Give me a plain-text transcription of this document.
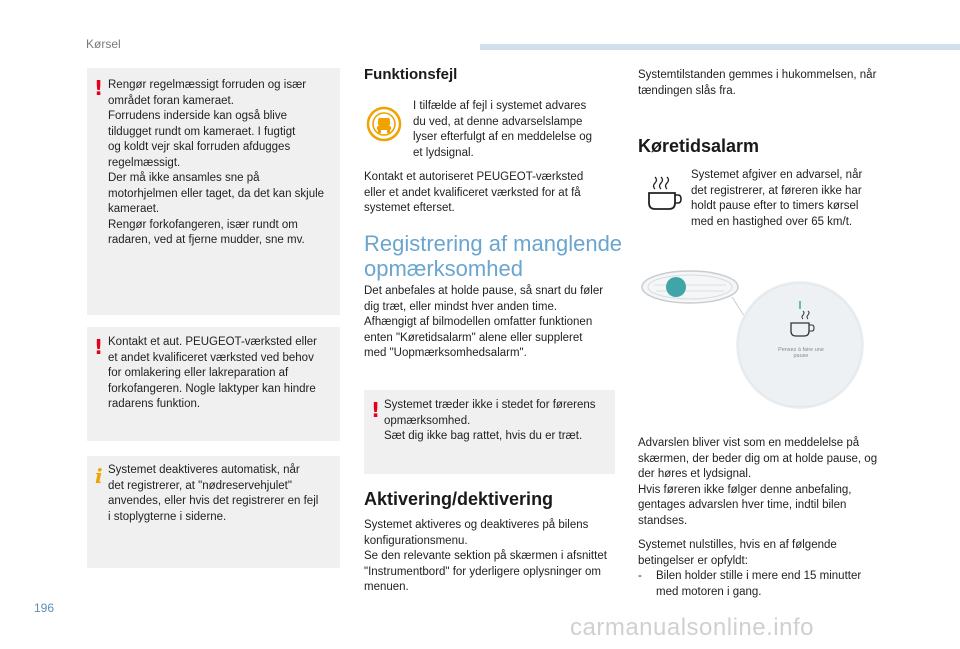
Kørsel
196
carmanualsonline.info
! Rengør regelmæssigt forruden og især
området foran kameraet.
Forrudens inderside kan også blive
tildugget rundt om kameraet. I fugtigt
og koldt vejr skal forruden afdugges
regelmæssigt.
Der må ikke ansamles sne på
motorhjelmen eller taget, da det kan skjule
kameraet.
Rengør forkofangeren, især rundt om
radaren, ved at fjerne mudder, sne mv.

! Kontakt et aut. PEUGEOT-værksted eller
et andet kvalificeret værksted ved behov
for omlakering eller lakreparation af
forkofangeren. Nogle laktyper kan hindre
radarens funktion.

i Systemet deaktiveres automatisk, når
det registrerer, at "nødreservehjulet"
anvendes, eller hvis det registrerer en fejl
i stoplygterne i siderne.

Funktionsfejl

I tilfælde af fejl i systemet advares
du ved, at denne advarselslampe
lyser efterfulgt af en meddelelse og
et lydsignal.

Kontakt et autoriseret PEUGEOT-værksted
eller et andet kvalificeret værksted for at få
systemet efterset.

Registrering af manglende
opmærksomhed

Det anbefales at holde pause, så snart du føler
dig træt, eller mindst hver anden time.
Afhængigt af bilmodellen omfatter funktionen
enten "Køretidsalarm" alene eller suppleret
med "Uopmærksomhedsalarm".

! Systemet træder ikke i stedet for førerens
opmærksomhed.
Sæt dig ikke bag rattet, hvis du er træt.

Aktivering/dektivering

Systemet aktiveres og deaktiveres på bilens
konfigurationsmenu.
Se den relevante sektion på skærmen i afsnittet
"Instrumentbord" for yderligere oplysninger om
menuen.

Systemtilstanden gemmes i hukommelsen, når
tændingen slås fra.

Køretidsalarm

Systemet afgiver en advarsel, når
det registrerer, at føreren ikke har
holdt pause efter to timers kørsel
med en hastighed over 65 km/t.

Pensez à faire une pause

Advarslen bliver vist som en meddelelse på
skærmen, der beder dig om at holde pause, og
der høres et lydsignal.
Hvis føreren ikke følger denne anbefaling,
gentages advarslen hver time, indtil bilen
standses.

Systemet nulstilles, hvis en af følgende
betingelser er opfyldt:

- Bilen holder stille i mere end 15 minutter
med motoren i gang.
